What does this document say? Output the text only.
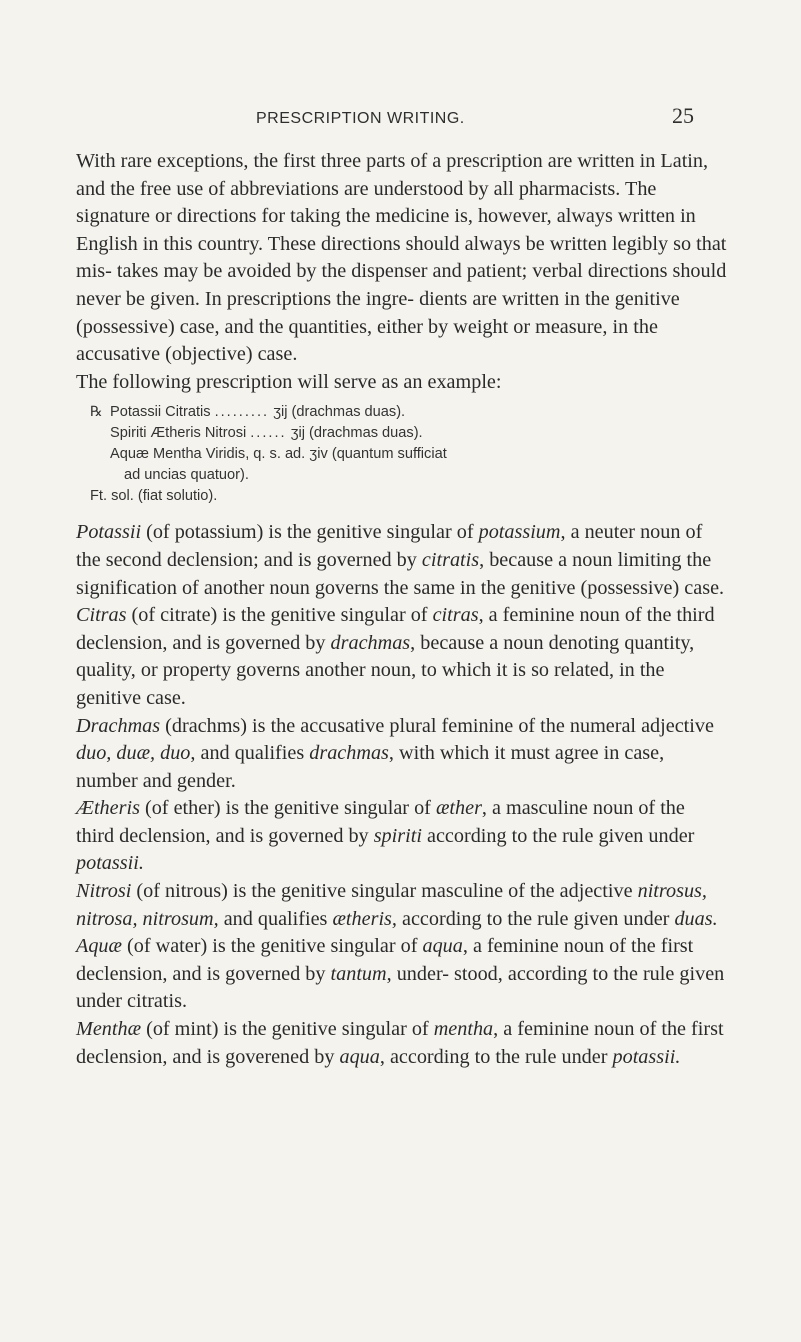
PRESCRIPTION WRITING.	25

With rare exceptions, the first three parts of a prescription are written in Latin, and the free use of abbreviations are understood by all pharmacists. The signature or directions for taking the medicine is, however, always written in English in this country. These directions should always be written legibly so that mis- takes may be avoided by the dispenser and patient; verbal directions should never be given. In prescriptions the ingre- dients are written in the genitive (possessive) case, and the quantities, either by weight or measure, in the accusative (objective) case.

The following prescription will serve as an example:

℞ Potassii Citratis ......... ʒij (drachmas duas).
Spiriti Ætheris Nitrosi ...... ʒij (drachmas duas).
Aquæ Mentha Viridis, q. s. ad. ʒiv (quantum sufficiat
ad uncias quatuor).
Ft. sol. (fiat solutio).

Potassii (of potassium) is the genitive singular of potassium, a neuter noun of the second declension; and is governed by citratis, because a noun limiting the signification of another noun governs the same in the genitive (possessive) case.

Citras (of citrate) is the genitive singular of citras, a feminine noun of the third declension, and is governed by drachmas, because a noun denoting quantity, quality, or property governs another noun, to which it is so related, in the genitive case.

Drachmas (drachms) is the accusative plural feminine of the numeral adjective duo, duæ, duo, and qualifies drachmas, with which it must agree in case, number and gender.

Ætheris (of ether) is the genitive singular of æther, a masculine noun of the third declension, and is governed by spiriti according to the rule given under potassii.

Nitrosi (of nitrous) is the genitive singular masculine of the adjective nitrosus, nitrosa, nitrosum, and qualifies ætheris, according to the rule given under duas.

Aquæ (of water) is the genitive singular of aqua, a feminine noun of the first declension, and is governed by tantum, under- stood, according to the rule given under citratis.

Menthæ (of mint) is the genitive singular of mentha, a feminine noun of the first declension, and is goverened by aqua, according to the rule under potassii.
